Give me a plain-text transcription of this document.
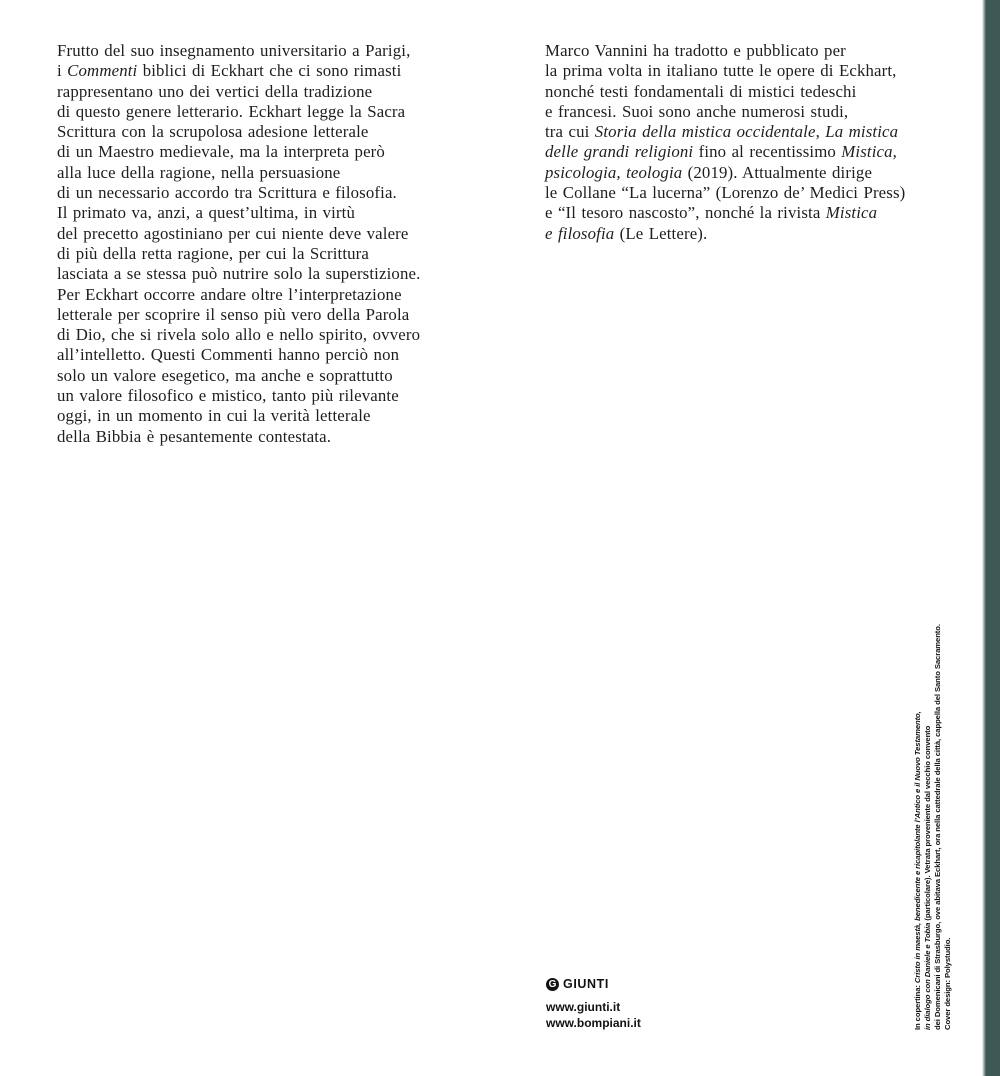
Frutto del suo insegnamento universitario a Parigi,
i Commenti biblici di Eckhart che ci sono rimasti
rappresentano uno dei vertici della tradizione
di questo genere letterario. Eckhart legge la Sacra
Scrittura con la scrupolosa adesione letterale
di un Maestro medievale, ma la interpreta però
alla luce della ragione, nella persuasione
di un necessario accordo tra Scrittura e filosofia.
Il primato va, anzi, a quest’ultima, in virtù
del precetto agostiniano per cui niente deve valere
di più della retta ragione, per cui la Scrittura
lasciata a se stessa può nutrire solo la superstizione.
Per Eckhart occorre andare oltre l’interpretazione
letterale per scoprire il senso più vero della Parola
di Dio, che si rivela solo allo e nello spirito, ovvero
all’intelletto. Questi Commenti hanno perciò non
solo un valore esegetico, ma anche e soprattutto
un valore filosofico e mistico, tanto più rilevante
oggi, in un momento in cui la verità letterale
della Bibbia è pesantemente contestata.
Marco Vannini ha tradotto e pubblicato per
la prima volta in italiano tutte le opere di Eckhart,
nonché testi fondamentali di mistici tedeschi
e francesi. Suoi sono anche numerosi studi,
tra cui Storia della mistica occidentale, La mistica
delle grandi religioni fino al recentissimo Mistica,
psicologia, teologia (2019). Attualmente dirige
le Collane “La lucerna” (Lorenzo de’ Medici Press)
e “Il tesoro nascosto”, nonché la rivista Mistica
e filosofia (Le Lettere).
In copertina: Cristo in maestà, benedicente e ricapitolante l’Antico e il Nuovo Testamento, in dialogo con Daniele e Tobia (particolare). Vetrata proveniente dal vecchio convento dei Domenicani di Strasburgo, ove abitava Eckhart, ora nella cattedrale della città, cappella del Santo Sacramento. Cover design: Polystudio.
G GIUNTI
www.giunti.it
www.bompiani.it
